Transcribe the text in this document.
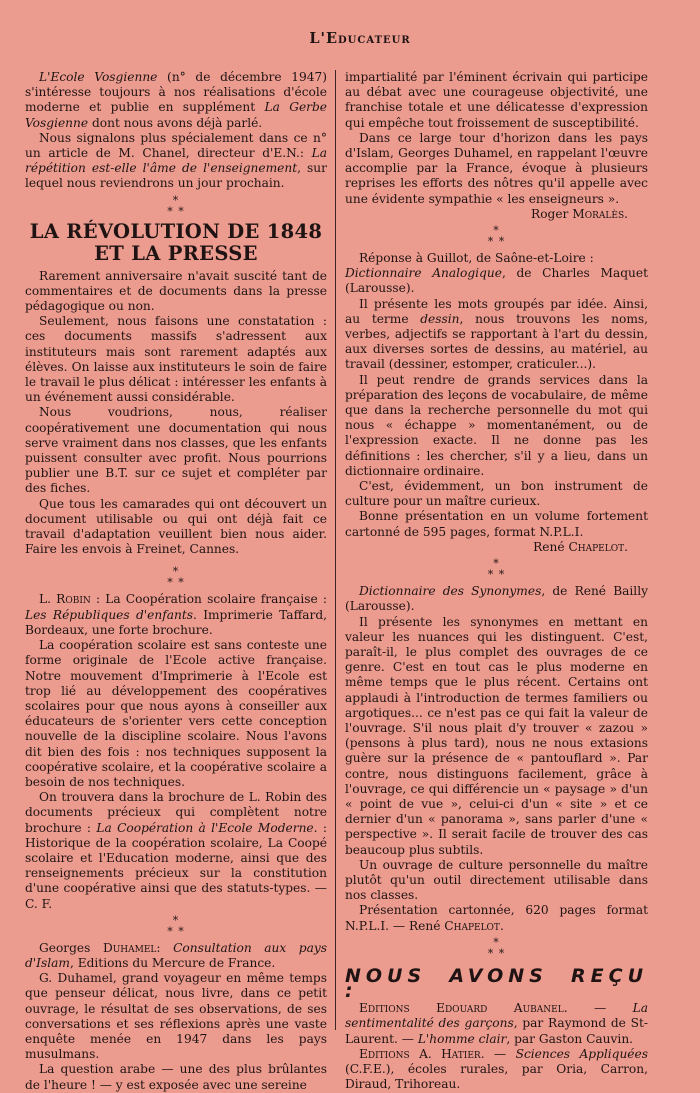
L'Educateur

L'Ecole Vosgienne (n° de décembre 1947) s'intéresse toujours à nos réalisations d'école moderne et publie en supplément La Gerbe Vosgienne dont nous avons déjà parlé.

Nous signalons plus spécialement dans ce n° un article de M. Chanel, directeur d'E.N.: La répétition est-elle l'âme de l'enseignement, sur lequel nous reviendrons un jour prochain.

*
* *
LA RÉVOLUTION DE 1848
ET LA PRESSE

Rarement anniversaire n'avait suscité tant de commentaires et de documents dans la presse pédagogique ou non.

Seulement, nous faisons une constatation : ces documents massifs s'adressent aux instituteurs mais sont rarement adaptés aux élèves. On laisse aux instituteurs le soin de faire le travail le plus délicat : intéresser les enfants à un événement aussi considérable.

Nous voudrions, nous, réaliser coopérativement une documentation qui nous serve vraiment dans nos classes, que les enfants puissent consulter avec profit. Nous pourrions publier une B.T. sur ce sujet et compléter par des fiches.

Que tous les camarades qui ont découvert un document utilisable ou qui ont déjà fait ce travail d'adaptation veuillent bien nous aider. Faire les envois à Freinet, Cannes.

*
* *

L. Robin : La Coopération scolaire française : Les Républiques d'enfants. Imprimerie Taffard, Bordeaux, une forte brochure.

La coopération scolaire est sans conteste une forme originale de l'Ecole active française. Notre mouvement d'Imprimerie à l'Ecole est trop lié au développement des coopératives scolaires pour que nous ayons à conseiller aux éducateurs de s'orienter vers cette conception nouvelle de la discipline scolaire. Nous l'avons dit bien des fois : nos techniques supposent la coopérative scolaire, et la coopérative scolaire a besoin de nos techniques.

On trouvera dans la brochure de L. Robin des documents précieux qui complètent notre brochure : La Coopération à l'Ecole Moderne. : Historique de la coopération scolaire, La Coopé scolaire et l'Education moderne, ainsi que des renseignements précieux sur la constitution d'une coopérative ainsi que des statuts-types. — C. F.

*
* *

Georges Duhamel: Consultation aux pays d'Islam, Editions du Mercure de France.

G. Duhamel, grand voyageur en même temps que penseur délicat, nous livre, dans ce petit ouvrage, le résultat de ses observations, de ses conversations et ses réflexions après une vaste enquête menée en 1947 dans les pays musulmans.

La question arabe — une des plus brûlantes de l'heure ! — y est exposée avec une sereine

impartialité par l'éminent écrivain qui participe au débat avec une courageuse objectivité, une franchise totale et une délicatesse d'expression qui empêche tout froissement de susceptibilité.

Dans ce large tour d'horizon dans les pays d'Islam, Georges Duhamel, en rappelant l'œuvre accomplie par la France, évoque à plusieurs reprises les efforts des nôtres qu'il appelle avec une évidente sympathie « les enseigneurs ».

Roger Moralès.
*
* *

Réponse à Guillot, de Saône-et-Loire :

Dictionnaire Analogique, de Charles Maquet (Larousse).

Il présente les mots groupés par idée. Ainsi, au terme dessin, nous trouvons les noms, verbes, adjectifs se rapportant à l'art du dessin, aux diverses sortes de dessins, au matériel, au travail (dessiner, estomper, craticuler...).

Il peut rendre de grands services dans la préparation des leçons de vocabulaire, de même que dans la recherche personnelle du mot qui nous « échappe » momentanément, ou de l'expression exacte. Il ne donne pas les définitions : les chercher, s'il y a lieu, dans un dictionnaire ordinaire.

C'est, évidemment, un bon instrument de culture pour un maître curieux.

Bonne présentation en un volume fortement cartonné de 595 pages, format N.P.L.I.

René Chapelot.
*
* *

Dictionnaire des Synonymes, de René Bailly (Larousse).

Il présente les synonymes en mettant en valeur les nuances qui les distinguent. C'est, paraît-il, le plus complet des ouvrages de ce genre. C'est en tout cas le plus moderne en même temps que le plus récent. Certains ont applaudi à l'introduction de termes familiers ou argotiques... ce n'est pas ce qui fait la valeur de l'ouvrage. S'il nous plait d'y trouver « zazou » (pensons à plus tard), nous ne nous extasions guère sur la présence de « pantouflard ». Par contre, nous distinguons facilement, grâce à l'ouvrage, ce qui différencie un « paysage » d'un « point de vue », celui-ci d'un « site » et ce dernier d'un « panorama », sans parler d'une « perspective ». Il serait facile de trouver des cas beaucoup plus subtils.

Un ouvrage de culture personnelle du maître plutôt qu'un outil directement utilisable dans nos classes.

Présentation cartonnée, 620 pages format N.P.L.I. — René Chapelot.

*
* *

NOUS AVONS REÇU :

Editions Edouard Aubanel. — La sentimentalité des garçons, par Raymond de St-Laurent. — L'homme clair, par Gaston Cauvin.

Editions A. Hatier. — Sciences Appliquées (C.F.E.), écoles rurales, par Oria, Carron, Diraud, Trihoreau.
